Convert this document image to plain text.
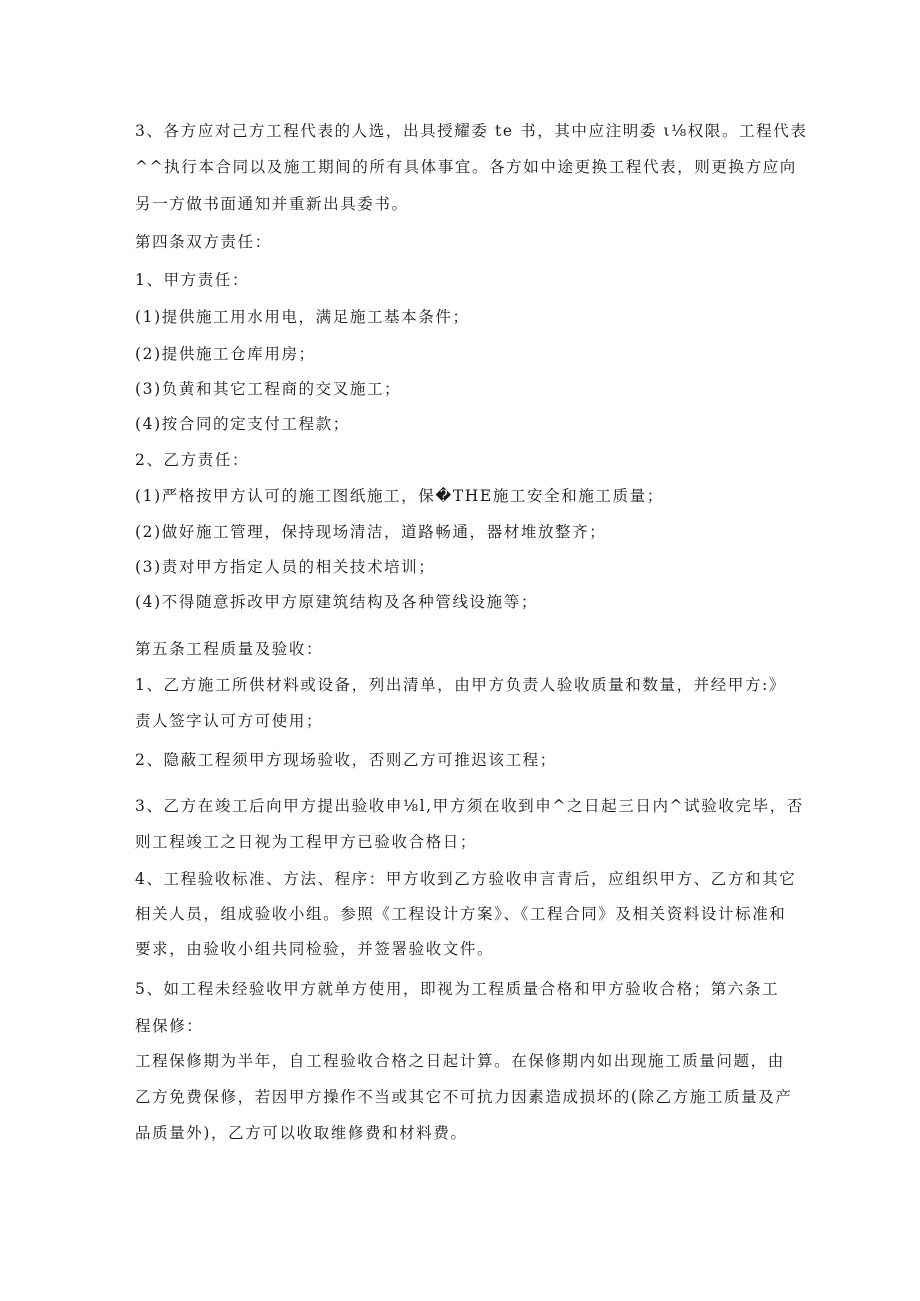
3、各方应对己方工程代表的人选，出具授耀委 te 书，其中应注明委 ι⅛权限。工程代表
^^执行本合同以及施工期间的所有具体事宜。各方如中途更换工程代表，则更换方应向
另一方做书面通知并重新出具委书。
第四条双方责任：
1、甲方责任：
(1)提供施工用水用电，满足施工基本条件；
(2)提供施工仓库用房；
(3)负黄和其它工程商的交叉施工；
(4)按合同的定支付工程款；
2、乙方责任：
(1)严格按甲方认可的施工图纸施工，保�THE施工安全和施工质量；
(2)做好施工管理，保持现场清洁，道路畅通，器材堆放整齐；
(3)责对甲方指定人员的相关技术培训；
(4)不得随意拆改甲方原建筑结构及各种管线设施等；
第五条工程质量及验收：
1、乙方施工所供材料或设备，列出清单，由甲方负责人验收质量和数量，并经甲方:》
责人签字认可方可使用；
2、隐蔽工程须甲方现场验收，否则乙方可推迟该工程；
3、乙方在竣工后向甲方提出验收申⅛l,甲方须在收到申^之日起三日内^试验收完毕，否
则工程竣工之日视为工程甲方已验收合格日；
4、工程验收标准、方法、程序：甲方收到乙方验收申言青后，应组织甲方、乙方和其它
相关人员，组成验收小组。参照《工程设计方案》、《工程合同》及相关资料设计标准和
要求，由验收小组共同检验，并签署验收文件。
5、如工程未经验收甲方就单方使用，即视为工程质量合格和甲方验收合格；第六条工
程保修：
工程保修期为半年，自工程验收合格之日起计算。在保修期内如出现施工质量问题，由
乙方免费保修，若因甲方操作不当或其它不可抗力因素造成损坏的(除乙方施工质量及产
品质量外)，乙方可以收取维修费和材料费。
